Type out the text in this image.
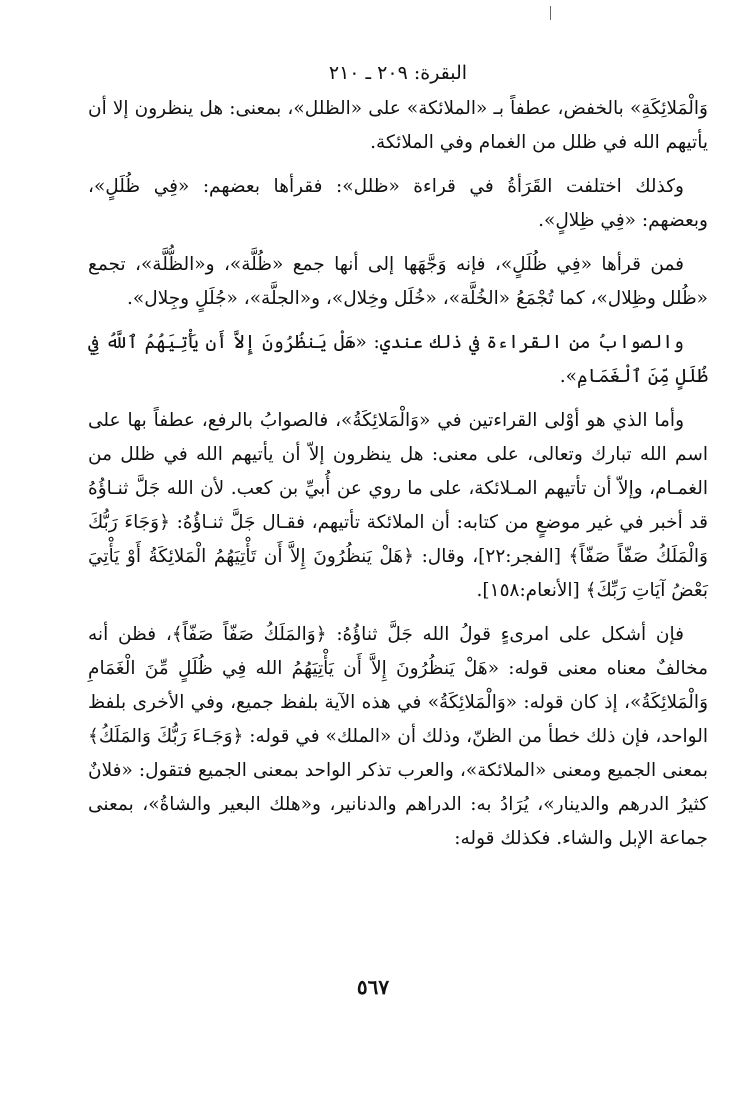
البقرة: ٢٠٩ ـ ٢١٠

وَالْمَلائِكَةِ» بالخفض، عطفاً بـ «الملائكة» على «الظلل»، بمعنى: هل ينظرون إلا أن يأتيهم الله في ظلل من الغمام وفي الملائكة.

وكذلك اختلفت القَرَأةُ في قراءة «ظلل»: فقرأها بعضهم: «فِي ظُلَلٍ»، وبعضهم: «فِي ظِلالٍ».

فمن قرأها «فِي ظُلَلٍ»، فإنه وَجَّهَها إلى أنها جمع «ظُلَّة»، و«الظُّلَّة»، تجمع «ظُلل وظِلال»، كما تُجْمَعُ «الخُلَّة»، «خُلَل وخِلال»، و«الجلَّة»، «جُلَلٍ وجِلال».

والصوابُ من القراءة في ذلك عندي: «هَلْ يَنظُرُونَ إِلاَّ أَن يَأْتِيَهُمُ ٱللَّهُ فِي ظُلَلٍ مِّنَ ٱلْغَمَامِ».

وأما الذي هو أوْلى القراءتين في «وَالْمَلائِكَةُ»، فالصوابُ بالرفع، عطفاً بها على اسم الله تبارك وتعالى، على معنى: هل ينظرون إلاّ أن يأتيهم الله في ظلل من الغمـام، وإلاّ أن تأتيهم المـلائكة، على ما روي عن أُبيِّ بن كعب. لأن الله جَلَّ ثنـاؤُهُ قد أخبر في غير موضعٍ من كتابه: أن الملائكة تأتيهم، فقـال جَلَّ ثنـاؤُهُ: ﴿وَجَاءَ رَبُّكَ وَالْمَلَكُ صَفّاً صَفّاً﴾ [الفجر:٢٢]، وقال: ﴿هَلْ يَنظُرُونَ إِلاَّ أَن تَأْتِيَهُمُ الْمَلائِكَةُ أَوْ يَأْتِيَ بَعْضُ آيَاتِ رَبِّكَ﴾ [الأنعام:١٥٨].

فإن أشكل على امرىءٍ قولُ الله جَلَّ ثناؤُهُ: ﴿وَالمَلَكُ صَفّاً صَفّاً﴾، فظن أنه مخالفٌ معناه معنى قوله: «هَلْ يَنظُرُونَ إِلاَّ أَن يَأْتِيَهُمُ الله فِي ظُلَلٍ مِّنَ الْغَمَامِ وَالْمَلائِكَةُ»، إذ كان قوله: «وَالْمَلائِكَةُ» في هذه الآية بلفظ جميع، وفي الأخرى بلفظ الواحد، فإن ذلك خطأ من الظنّ، وذلك أن «الملك» في قوله: ﴿وَجَـاءَ رَبُّكَ وَالمَلَكُ﴾ بمعنى الجميع ومعنى «الملائكة»، والعرب تذكر الواحد بمعنى الجميع فتقول: «فلانٌ كثيرُ الدرهم والدينار»، يُرَادُ به: الدراهم والدنانير، و«هلك البعير والشاةُ»، بمعنى جماعة الإبل والشاء. فكذلك قوله:

٥٦٧
